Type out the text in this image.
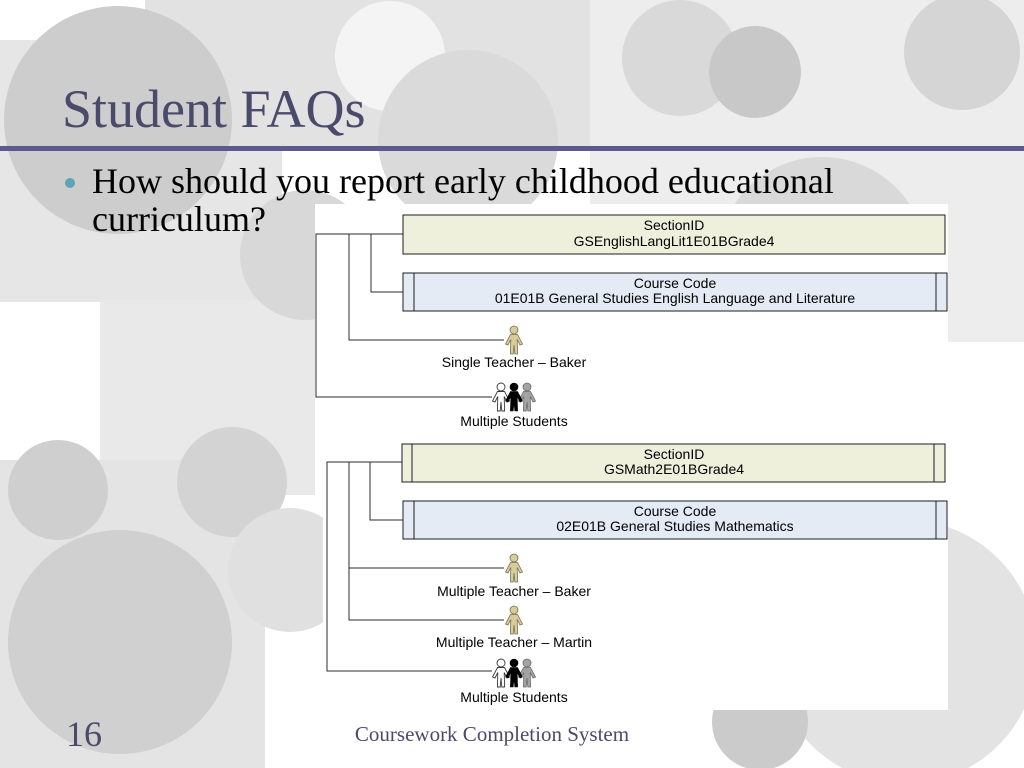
Student FAQs
How should you report early childhood educational curriculum?	SectionID
GSEnglishLangLit1E01BGrade4
Course Code
01E01B General Studies English Language and Literature
Single Teacher – Baker
Multiple Students
SectionID
GSMath2E01BGrade4
Course Code
02E01B General Studies Mathematics
Multiple Teacher – Baker
Multiple Teacher – Martin
Multiple Students
16	Coursework Completion System
